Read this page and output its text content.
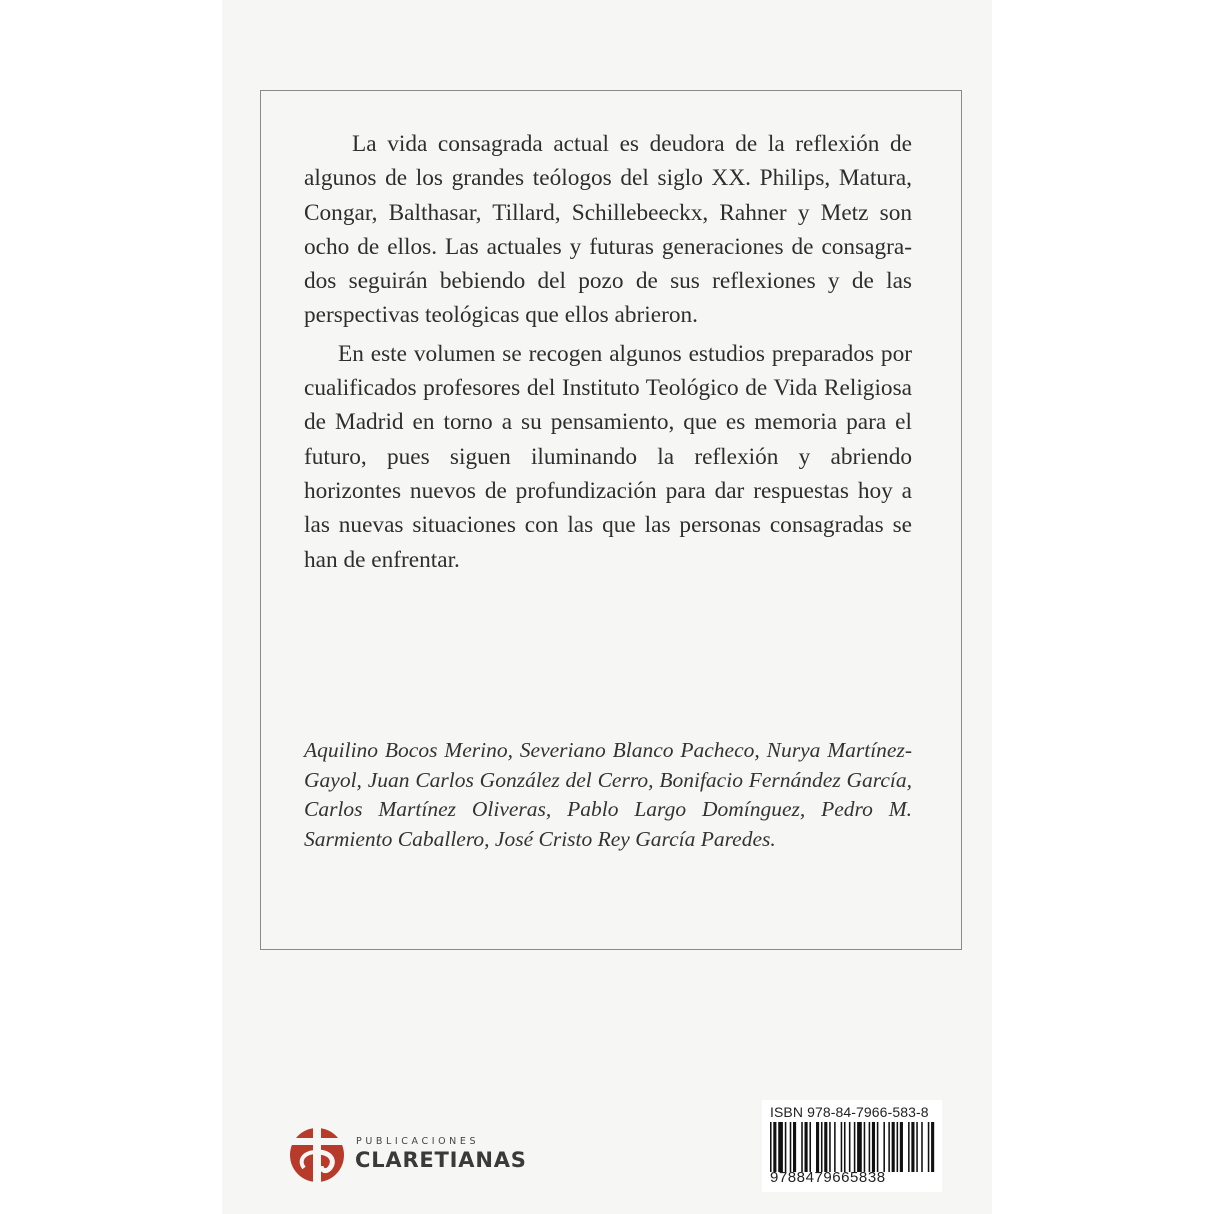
La vida consagrada actual es deudora de la reflexión de algunos de los grandes teólogos del siglo XX. Philips, Matura, Congar, Balthasar, Tillard, Schillebeeckx, Rahner y Metz son ocho de ellos. Las actuales y futuras generaciones de consagrados seguirán bebiendo del pozo de sus reflexiones y de las perspectivas teológicas que ellos abrieron.

En este volumen se recogen algunos estudios preparados por cualificados profesores del Instituto Teológico de Vida Religiosa de Madrid en torno a su pensamiento, que es memoria para el futuro, pues siguen iluminando la reflexión y abriendo horizontes nuevos de profundización para dar respuestas hoy a las nuevas situaciones con las que las personas consagradas se han de enfrentar.

Aquilino Bocos Merino, Severiano Blanco Pacheco, Nurya Martínez-Gayol, Juan Carlos González del Cerro, Bonifacio Fernández García, Carlos Martínez Oliveras, Pablo Largo Domínguez, Pedro M. Sarmiento Caballero, José Cristo Rey García Paredes.
PUBLICACIONES
CLARETIANAS
ISBN 978-84-7966-583-8
9788479665838
